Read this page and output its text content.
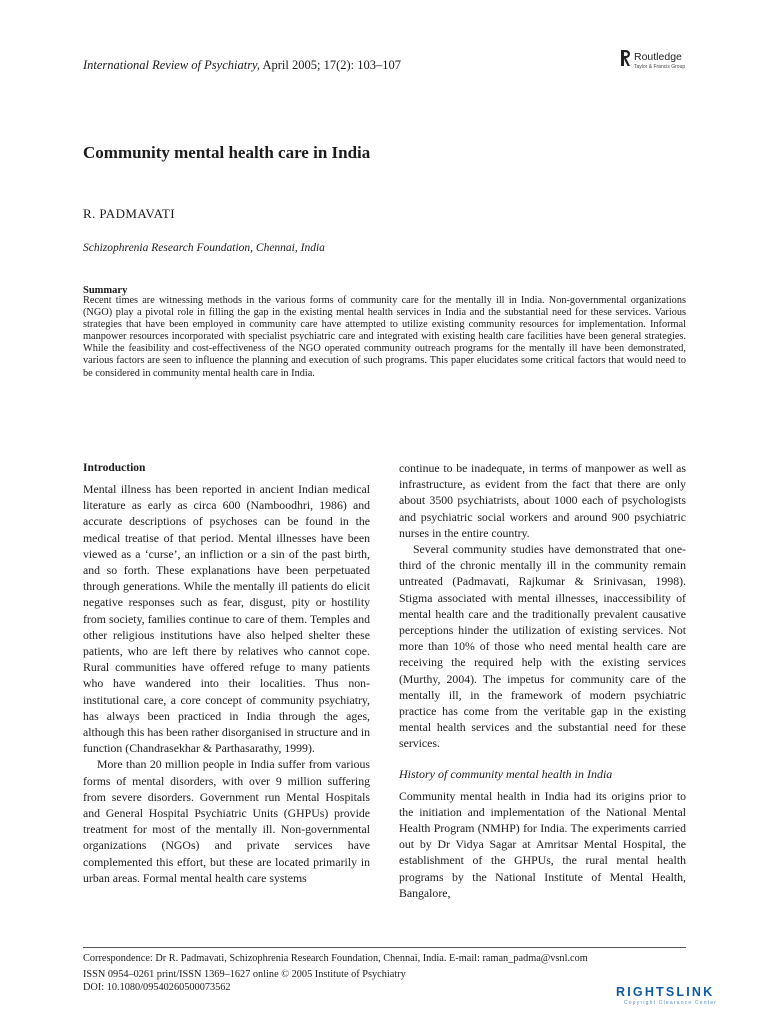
International Review of Psychiatry, April 2005; 17(2): 103–107
Routledge
Taylor & Francis Group
Community mental health care in India
R. PADMAVATI
Schizophrenia Research Foundation, Chennai, India
Summary
Recent times are witnessing methods in the various forms of community care for the mentally ill in India. Non-governmental organizations (NGO) play a pivotal role in filling the gap in the existing mental health services in India and the substantial need for these services. Various strategies that have been employed in community care have attempted to utilize existing community resources for implementation. Informal manpower resources incorporated with specialist psychiatric care and integrated with existing health care facilities have been general strategies. While the feasibility and cost-effectiveness of the NGO operated community outreach programs for the mentally ill have been demonstrated, various factors are seen to influence the planning and execution of such programs. This paper elucidates some critical factors that would need to be considered in community mental health care in India.
Introduction

Mental illness has been reported in ancient Indian medical literature as early as circa 600 (Namboodhri, 1986) and accurate descriptions of psychoses can be found in the medical treatise of that period. Mental illnesses have been viewed as a ‘curse’, an infliction or a sin of the past birth, and so forth. These explanations have been perpetuated through generations. While the mentally ill patients do elicit negative responses such as fear, disgust, pity or hostility from society, families continue to care of them. Temples and other religious institutions have also helped shelter these patients, who are left there by relatives who cannot cope. Rural communities have offered refuge to many patients who have wandered into their localities. Thus non-institutional care, a core concept of community psychiatry, has always been practiced in India through the ages, although this has been rather disorganised in structure and in function (Chandrasekhar & Parthasarathy, 1999).

More than 20 million people in India suffer from various forms of mental disorders, with over 9 million suffering from severe disorders. Government run Mental Hospitals and General Hospital Psychiatric Units (GHPUs) provide treatment for most of the mentally ill. Non-governmental organizations (NGOs) and private services have complemented this effort, but these are located primarily in urban areas. Formal mental health care systems

continue to be inadequate, in terms of manpower as well as infrastructure, as evident from the fact that there are only about 3500 psychiatrists, about 1000 each of psychologists and psychiatric social workers and around 900 psychiatric nurses in the entire country.

Several community studies have demonstrated that one-third of the chronic mentally ill in the community remain untreated (Padmavati, Rajkumar & Srinivasan, 1998). Stigma associated with mental illnesses, inaccessibility of mental health care and the traditionally prevalent causative perceptions hinder the utilization of existing services. Not more than 10% of those who need mental health care are receiving the required help with the existing services (Murthy, 2004). The impetus for community care of the mentally ill, in the framework of modern psychiatric practice has come from the veritable gap in the existing mental health services and the substantial need for these services.

History of community mental health in India

Community mental health in India had its origins prior to the initiation and implementation of the National Mental Health Program (NMHP) for India. The experiments carried out by Dr Vidya Sagar at Amritsar Mental Hospital, the establishment of the GHPUs, the rural mental health programs by the National Institute of Mental Health, Bangalore,

Correspondence: Dr R. Padmavati, Schizophrenia Research Foundation, Chennai, India. E-mail: raman_padma@vsnl.com
ISSN 0954–0261 print/ISSN 1369–1627 online © 2005 Institute of Psychiatry
DOI: 10.1080/09540260500073562	RIGHTSLINK
Copyright Clearance Center
